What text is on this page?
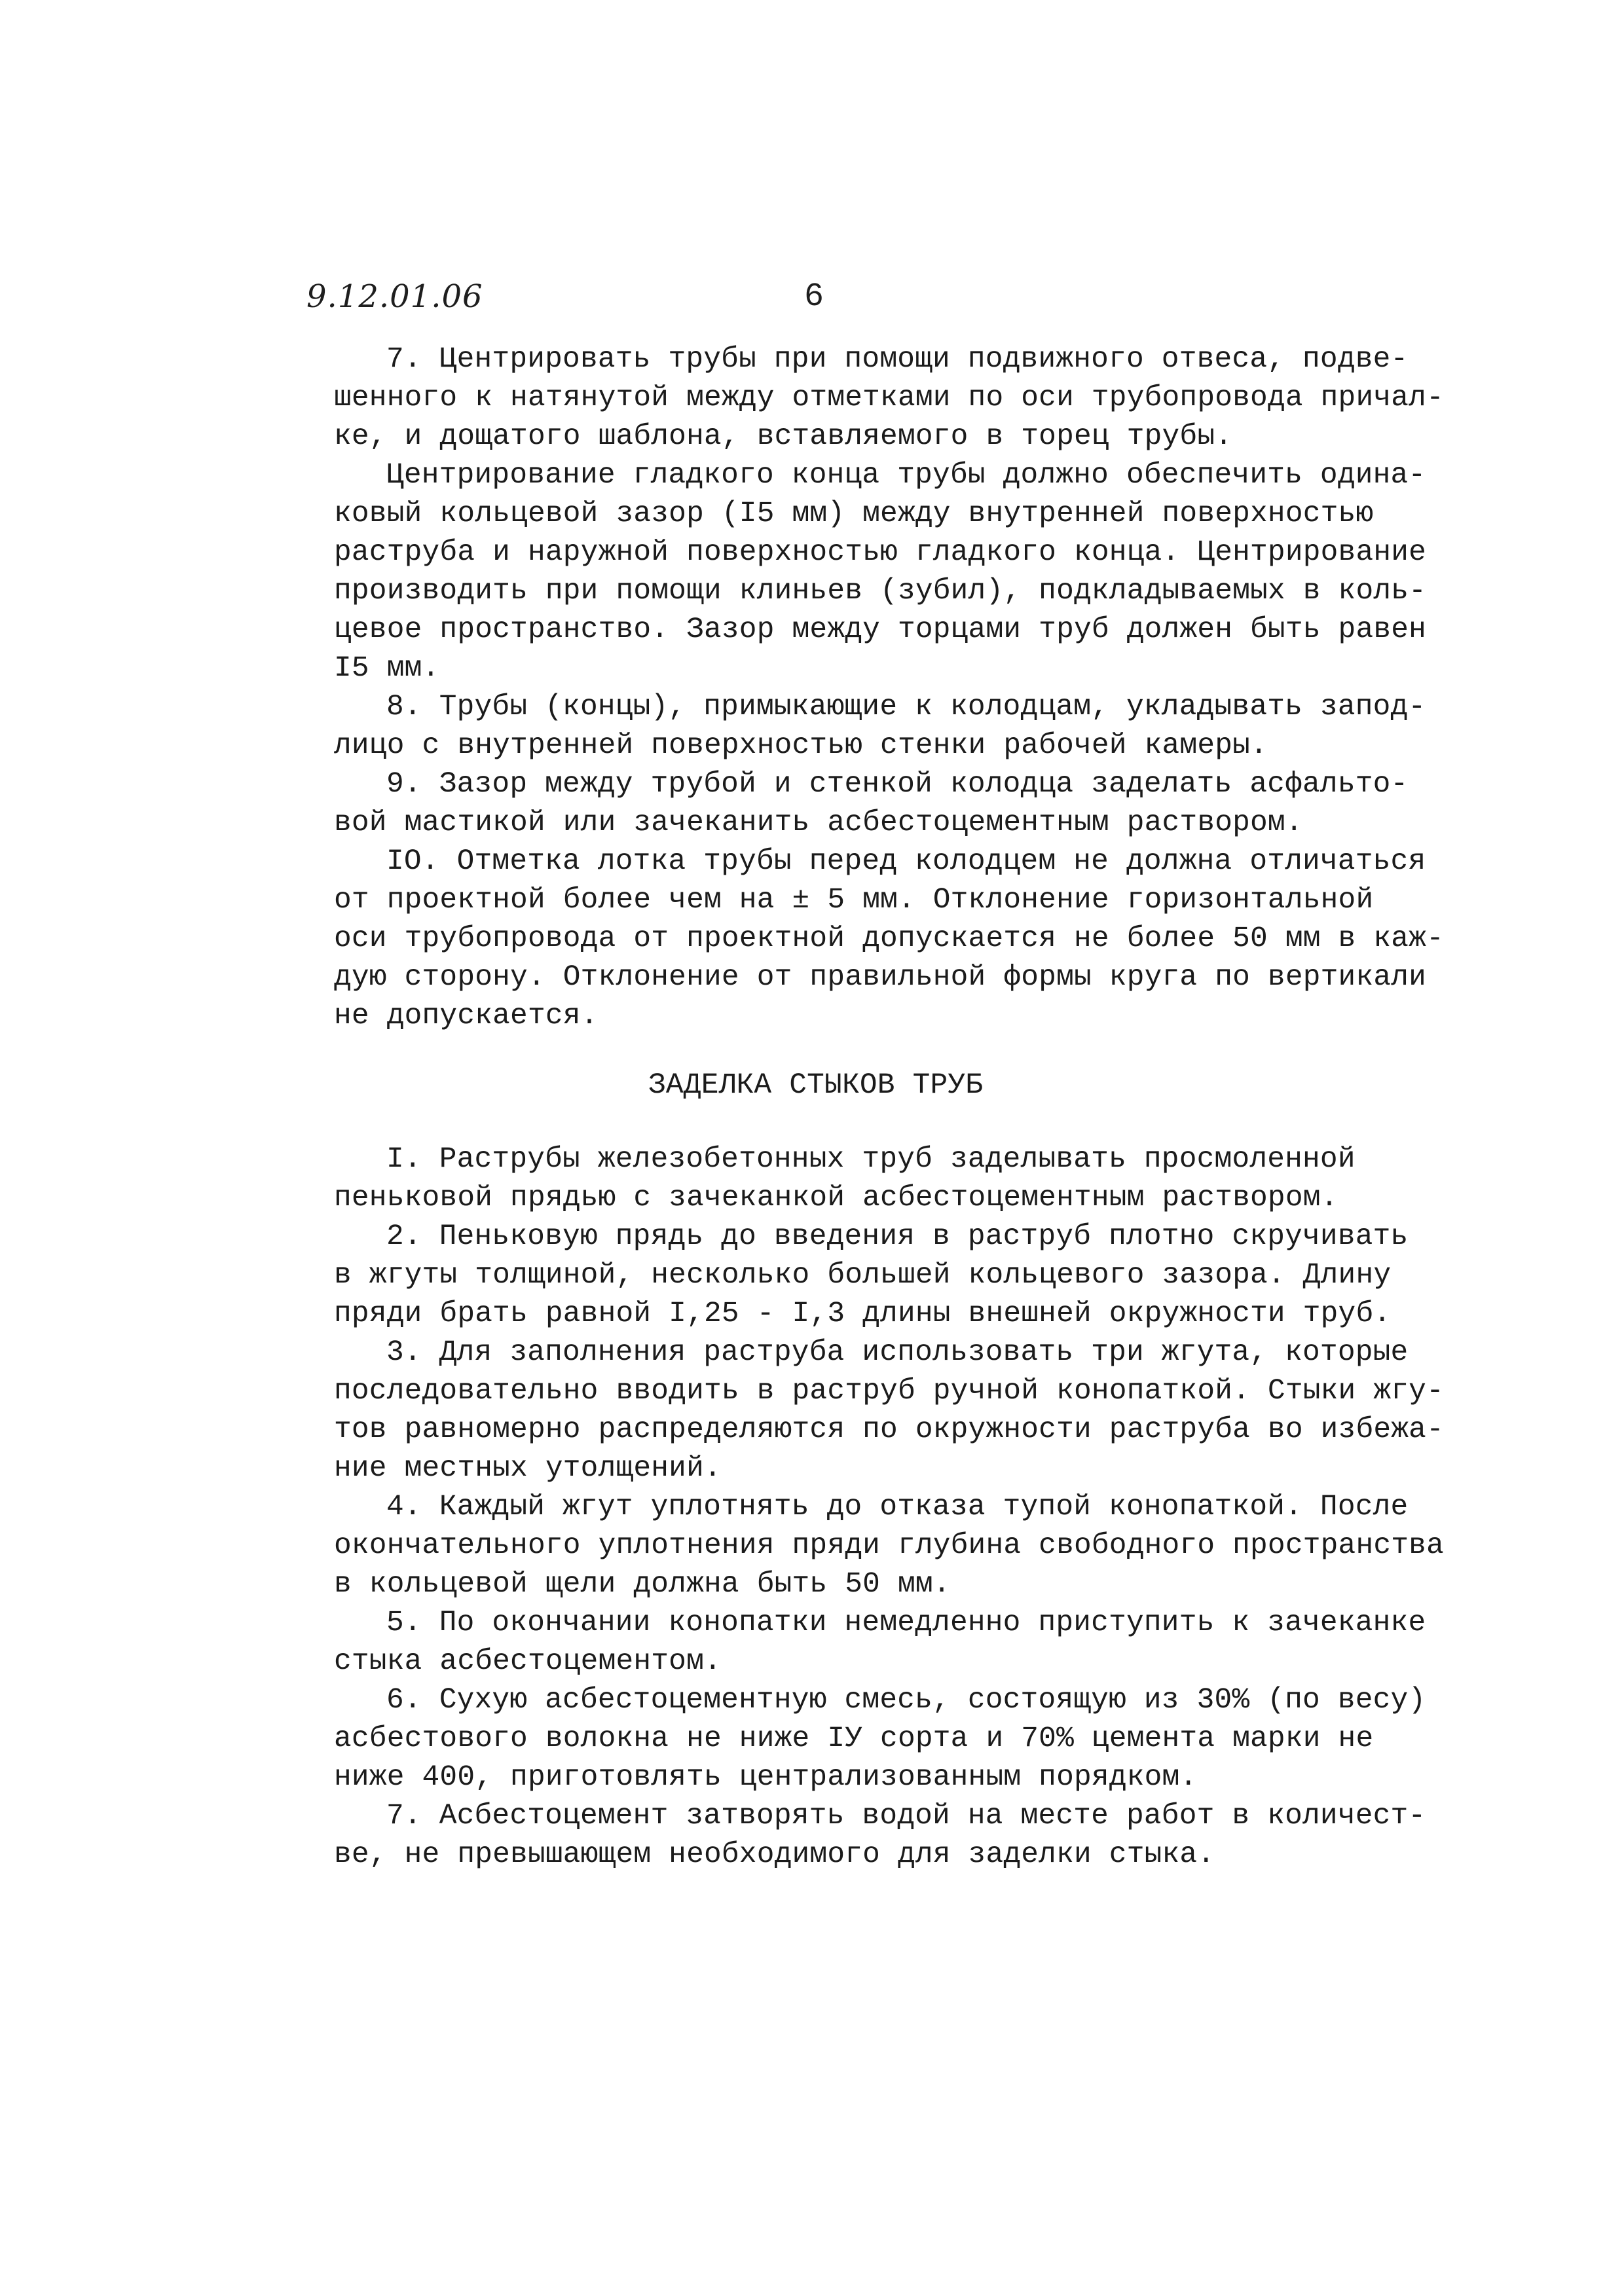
9.12.01.06	6
7. Центрировать трубы при помощи подвижного отвеса, подве-
шенного к натянутой между отметками по оси трубопровода причал-
ке, и дощатого шаблона, вставляемого в торец трубы.
Центрирование гладкого конца трубы должно обеспечить одина-
ковый кольцевой зазор (I5 мм) между внутренней поверхностью
раструба и наружной поверхностью гладкого конца. Центрирование
производить при помощи клиньев (зубил), подкладываемых в коль-
цевое пространство. Зазор между торцами труб должен быть равен
I5 мм.
8. Трубы (концы), примыкающие к колодцам, укладывать запод-
лицо с внутренней поверхностью стенки рабочей камеры.
9. Зазор между трубой и стенкой колодца заделать асфальто-
вой мастикой или зачеканить асбестоцементным раствором.
IO. Отметка лотка трубы перед колодцем не должна отличаться
от проектной более чем на ± 5 мм. Отклонение горизонтальной
оси трубопровода от проектной допускается не более 50 мм в каж-
дую сторону. Отклонение от правильной формы круга по вертикали
не допускается.
ЗАДЕЛКА СТЫКОВ ТРУБ
I. Раструбы железобетонных труб заделывать просмоленной
пеньковой прядью с зачеканкой асбестоцементным раствором.
2. Пеньковую прядь до введения в раструб плотно скручивать
в жгуты толщиной, несколько большей кольцевого зазора. Длину
пряди брать равной I,25 - I,3 длины внешней окружности труб.
3. Для заполнения раструба использовать три жгута, которые
последовательно вводить в раструб ручной конопаткой. Стыки жгу-
тов равномерно распределяются по окружности раструба во избежа-
ние местных утолщений.
4. Каждый жгут уплотнять до отказа тупой конопаткой. После
окончательного уплотнения пряди глубина свободного пространства
в кольцевой щели должна быть 50 мм.
5. По окончании конопатки немедленно приступить к зачеканке
стыка асбестоцементом.
6. Сухую асбестоцементную смесь, состоящую из 30% (по весу)
асбестового волокна не ниже IУ сорта и 70% цемента марки не
ниже 400, приготовлять централизованным порядком.
7. Асбестоцемент затворять водой на месте работ в количест-
ве, не превышающем необходимого для заделки стыка.
